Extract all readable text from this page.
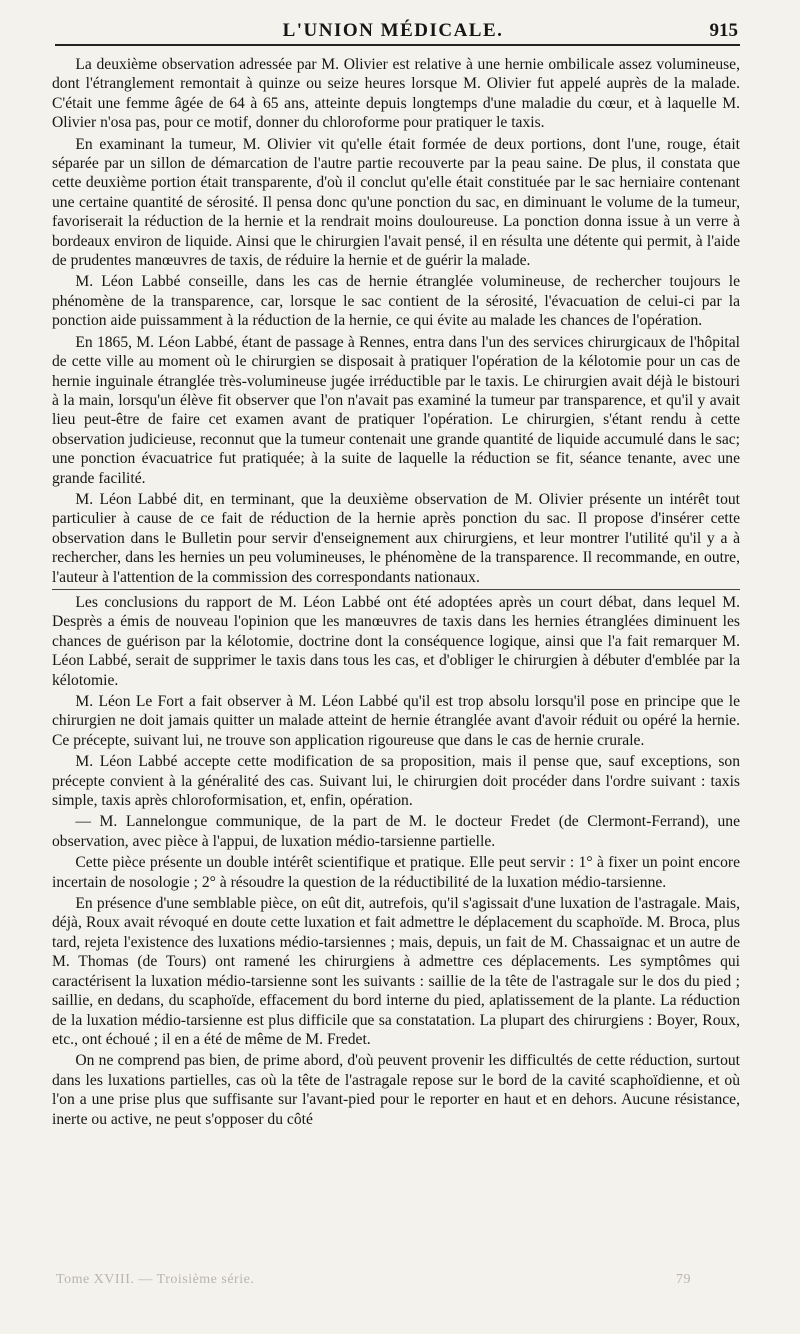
L'UNION MÉDICALE.	915

La deuxième observation adressée par M. Olivier est relative à une hernie ombilicale assez volumineuse, dont l'étranglement remontait à quinze ou seize heures lorsque M. Olivier fut appelé auprès de la malade. C'était une femme âgée de 64 à 65 ans, atteinte depuis longtemps d'une maladie du cœur, et à laquelle M. Olivier n'osa pas, pour ce motif, donner du chloroforme pour pratiquer le taxis.

En examinant la tumeur, M. Olivier vit qu'elle était formée de deux portions, dont l'une, rouge, était séparée par un sillon de démarcation de l'autre partie recouverte par la peau saine. De plus, il constata que cette deuxième portion était transparente, d'où il conclut qu'elle était constituée par le sac herniaire contenant une certaine quantité de sérosité. Il pensa donc qu'une ponction du sac, en diminuant le volume de la tumeur, favoriserait la réduction de la hernie et la rendrait moins douloureuse. La ponction donna issue à un verre à bordeaux environ de liquide. Ainsi que le chirurgien l'avait pensé, il en résulta une détente qui permit, à l'aide de prudentes manœuvres de taxis, de réduire la hernie et de guérir la malade.

M. Léon Labbé conseille, dans les cas de hernie étranglée volumineuse, de rechercher toujours le phénomène de la transparence, car, lorsque le sac contient de la sérosité, l'évacuation de celui-ci par la ponction aide puissamment à la réduction de la hernie, ce qui évite au malade les chances de l'opération.

En 1865, M. Léon Labbé, étant de passage à Rennes, entra dans l'un des services chirurgicaux de l'hôpital de cette ville au moment où le chirurgien se disposait à pratiquer l'opération de la kélotomie pour un cas de hernie inguinale étranglée très-volumineuse jugée irréductible par le taxis. Le chirurgien avait déjà le bistouri à la main, lorsqu'un élève fit observer que l'on n'avait pas examiné la tumeur par transparence, et qu'il y avait lieu peut-être de faire cet examen avant de pratiquer l'opération. Le chirurgien, s'étant rendu à cette observation judicieuse, reconnut que la tumeur contenait une grande quantité de liquide accumulé dans le sac; une ponction évacuatrice fut pratiquée; à la suite de laquelle la réduction se fit, séance tenante, avec une grande facilité.

M. Léon Labbé dit, en terminant, que la deuxième observation de M. Olivier présente un intérêt tout particulier à cause de ce fait de réduction de la hernie après ponction du sac. Il propose d'insérer cette observation dans le Bulletin pour servir d'enseignement aux chirurgiens, et leur montrer l'utilité qu'il y a à rechercher, dans les hernies un peu volumineuses, le phénomène de la transparence. Il recommande, en outre, l'auteur à l'attention de la commission des correspondants nationaux.

Les conclusions du rapport de M. Léon Labbé ont été adoptées après un court débat, dans lequel M. Desprès a émis de nouveau l'opinion que les manœuvres de taxis dans les hernies étranglées diminuent les chances de guérison par la kélotomie, doctrine dont la conséquence logique, ainsi que l'a fait remarquer M. Léon Labbé, serait de supprimer le taxis dans tous les cas, et d'obliger le chirurgien à débuter d'emblée par la kélotomie.

M. Léon Le Fort a fait observer à M. Léon Labbé qu'il est trop absolu lorsqu'il pose en principe que le chirurgien ne doit jamais quitter un malade atteint de hernie étranglée avant d'avoir réduit ou opéré la hernie. Ce précepte, suivant lui, ne trouve son application rigoureuse que dans le cas de hernie crurale.

M. Léon Labbé accepte cette modification de sa proposition, mais il pense que, sauf exceptions, son précepte convient à la généralité des cas. Suivant lui, le chirurgien doit procéder dans l'ordre suivant : taxis simple, taxis après chloroformisation, et, enfin, opération.

— M. Lannelongue communique, de la part de M. le docteur Fredet (de Clermont-Ferrand), une observation, avec pièce à l'appui, de luxation médio-tarsienne partielle.

Cette pièce présente un double intérêt scientifique et pratique. Elle peut servir : 1° à fixer un point encore incertain de nosologie ; 2° à résoudre la question de la réductibilité de la luxation médio-tarsienne.

En présence d'une semblable pièce, on eût dit, autrefois, qu'il s'agissait d'une luxation de l'astragale. Mais, déjà, Roux avait révoqué en doute cette luxation et fait admettre le déplacement du scaphoïde. M. Broca, plus tard, rejeta l'existence des luxations médio-tarsiennes ; mais, depuis, un fait de M. Chassaignac et un autre de M. Thomas (de Tours) ont ramené les chirurgiens à admettre ces déplacements. Les symptômes qui caractérisent la luxation médio-tarsienne sont les suivants : saillie de la tête de l'astragale sur le dos du pied ; saillie, en dedans, du scaphoïde, effacement du bord interne du pied, aplatissement de la plante. La réduction de la luxation médio-tarsienne est plus difficile que sa constatation. La plupart des chirurgiens : Boyer, Roux, etc., ont échoué ; il en a été de même de M. Fredet.

On ne comprend pas bien, de prime abord, d'où peuvent provenir les difficultés de cette réduction, surtout dans les luxations partielles, cas où la tête de l'astragale repose sur le bord de la cavité scaphoïdienne, et où l'on a une prise plus que suffisante sur l'avant-pied pour le reporter en haut et en dehors. Aucune résistance, inerte ou active, ne peut s'opposer du côté

Tome XVIII. — Troisième série.	79
